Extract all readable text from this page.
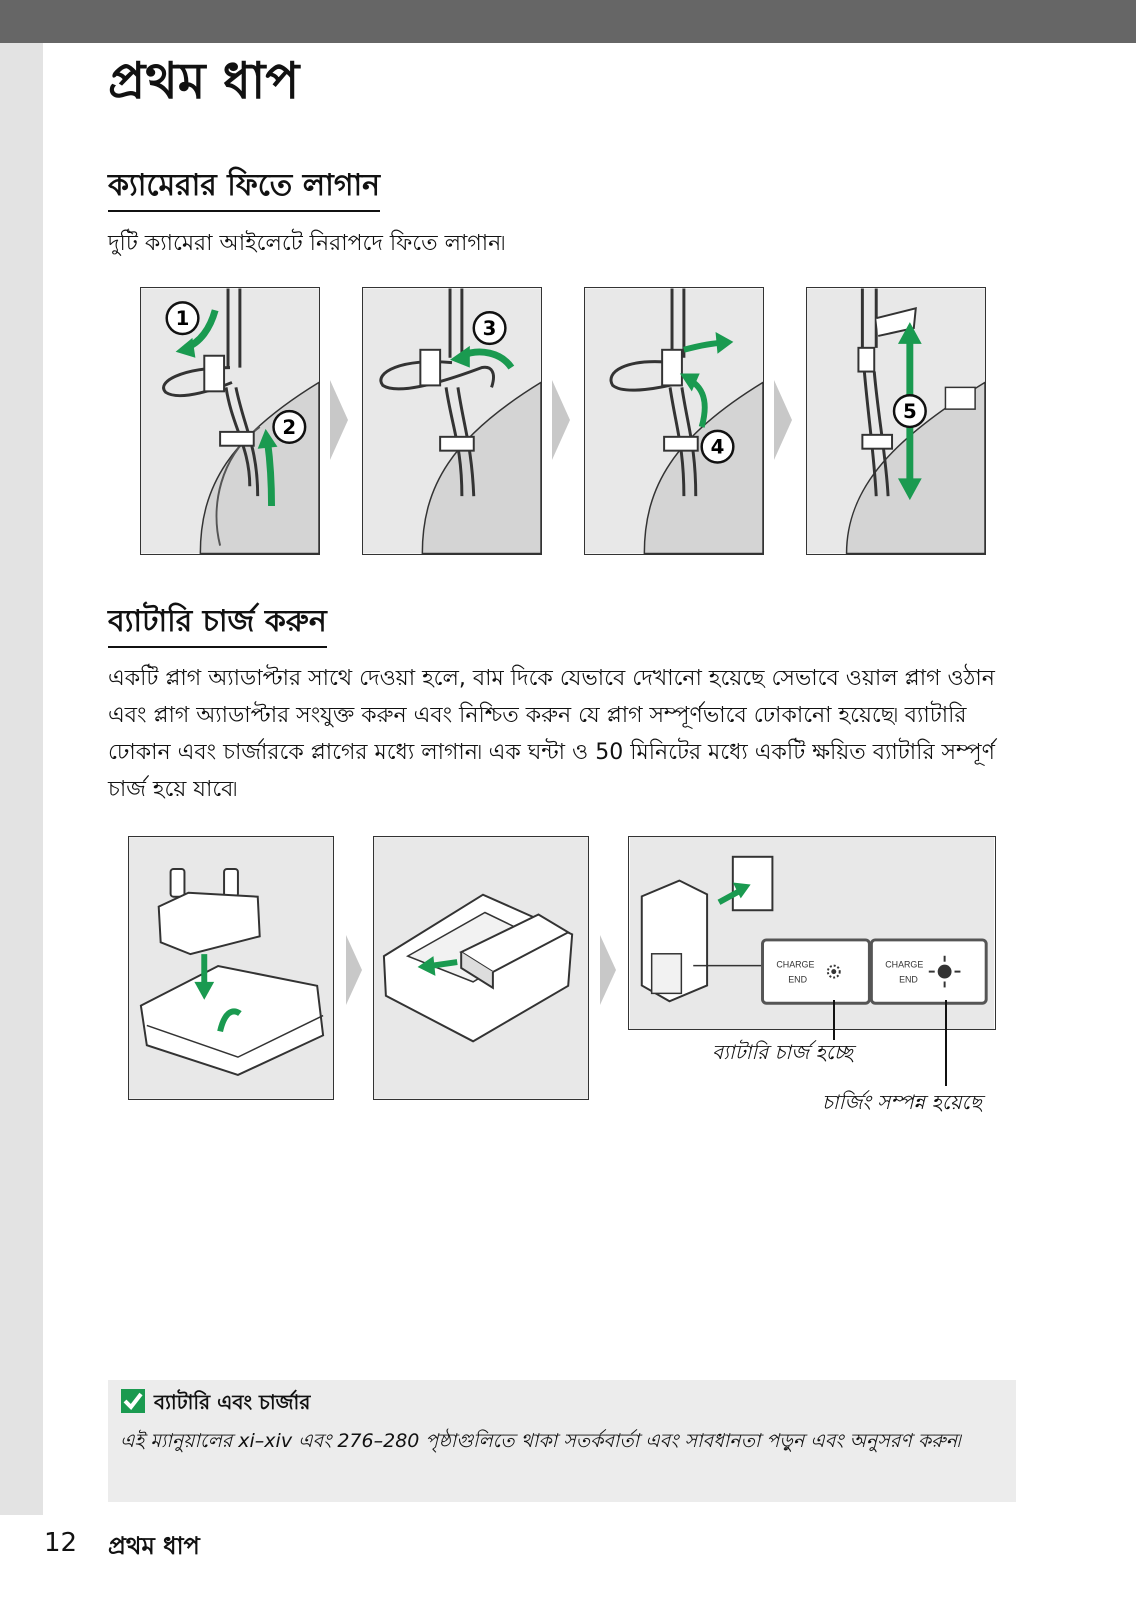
প্রথম ধাপ
ক্যামেরার ফিতে লাগান

দুটি ক্যামেরা আইলেটে নিরাপদে ফিতে লাগান৷

1
2
3
4
5
ব্যাটারি চার্জ করুন

একটি প্লাগ অ্যাডাপ্টার সাথে দেওয়া হলে, বাম দিকে যেভাবে দেখানো হয়েছে সেভাবে ওয়াল প্লাগ ওঠান এবং প্লাগ অ্যাডাপ্টার সংযুক্ত করুন এবং নিশ্চিত করুন যে প্লাগ সম্পূর্ণভাবে ঢোকানো হয়েছে৷ ব্যাটারি ঢোকান এবং চার্জারকে প্লাগের মধ্যে লাগান৷ এক ঘন্টা ও 50 মিনিটের মধ্যে একটি ক্ষয়িত ব্যাটারি সম্পূর্ণ চার্জ হয়ে যাবে৷

CHARGE
END
CHARGE
END
ব্যাটারি চার্জ হচ্ছে
চার্জিং সম্পন্ন হয়েছে
ব্যাটারি এবং চার্জার
এই ম্যানুয়ালের xi–xiv এবং 276–280 পৃষ্ঠাগুলিতে থাকা সতর্কবার্তা এবং সাবধানতা পড়ুন এবং অনুসরণ করুন৷
12 প্রথম ধাপ
